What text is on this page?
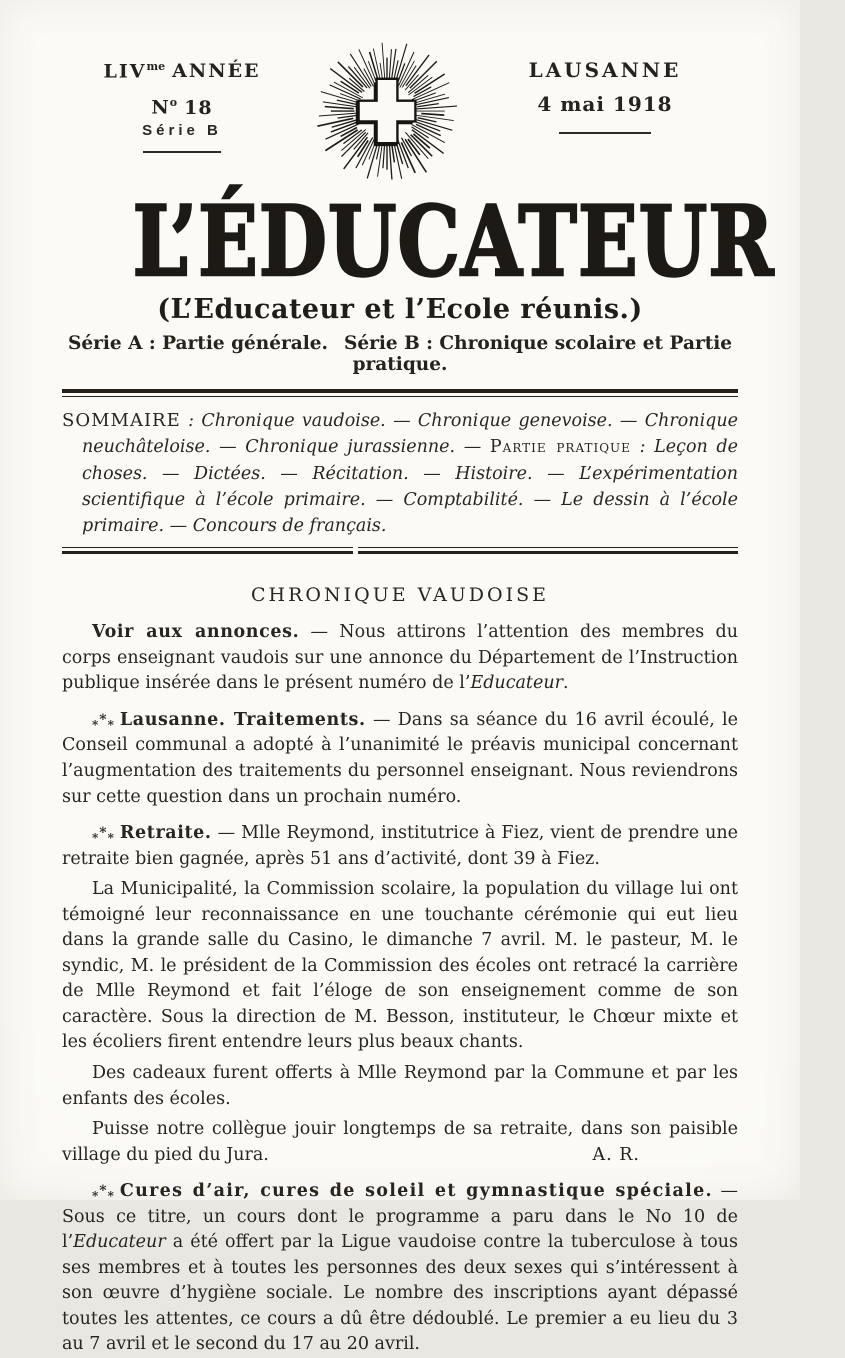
$LIV^{me}$ ANNÉE
$N^o$ 18
Série B
LAUSANNE
4 mai 1918
L’ÉDUCATEUR
(L’Educateur et l’Ecole réunis.)
Série A : Partie générale. Série B : Chronique scolaire et Partie pratique.
SOMMAIRE : Chronique vaudoise. — Chronique genevoise. — Chronique neuchâteloise. — Chronique jurassienne. — Partie pratique : Leçon de choses. — Dictées. — Récitation. — Histoire. — L’expérimentation scientifique à l’école primaire. — Comptabilité. — Le dessin à l’école primaire. — Concours de français.
CHRONIQUE VAUDOISE

Voir aux annonces. — Nous attirons l’attention des membres du corps enseignant vaudois sur une annonce du Département de l’Instruction publique insérée dans le présent numéro de l’Educateur.

*** Lausanne. Traitements. — Dans sa séance du 16 avril écoulé, le Conseil communal a adopté à l’unanimité le préavis municipal concernant l’augmentation des traitements du personnel enseignant. Nous reviendrons sur cette question dans un prochain numéro.

*** Retraite. — Mlle Reymond, institutrice à Fiez, vient de prendre une retraite bien gagnée, après 51 ans d’activité, dont 39 à Fiez.

La Municipalité, la Commission scolaire, la population du village lui ont témoigné leur reconnaissance en une touchante cérémonie qui eut lieu dans la grande salle du Casino, le dimanche 7 avril. M. le pasteur, M. le syndic, M. le président de la Commission des écoles ont retracé la carrière de Mlle Reymond et fait l’éloge de son enseignement comme de son caractère. Sous la direction de M. Besson, instituteur, le Chœur mixte et les écoliers firent entendre leurs plus beaux chants.

Des cadeaux furent offerts à Mlle Reymond par la Commune et par les enfants des écoles.

Puisse notre collègue jouir longtemps de sa retraite, dans son paisible village du pied du Jura.	A. R.

*** Cures d’air, cures de soleil et gymnastique spéciale. — Sous ce titre, un cours dont le programme a paru dans le No 10 de l’Educateur a été offert par la Ligue vaudoise contre la tuberculose à tous ses membres et à toutes les personnes des deux sexes qui s’intéressent à son œuvre d’hygiène sociale. Le nombre des inscriptions ayant dépassé toutes les attentes, ce cours a dû être dédoublé. Le premier a eu lieu du 3 au 7 avril et le second du 17 au 20 avril.
